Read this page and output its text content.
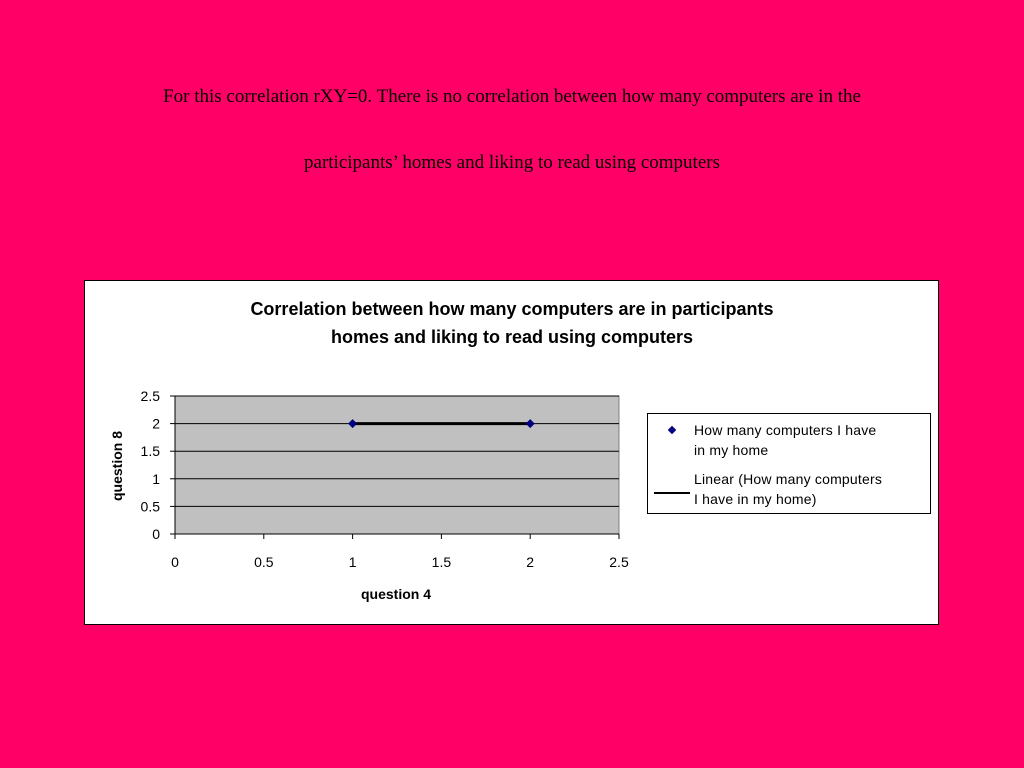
For this correlation rXY=0. There is no correlation between how many computers are in the
participants’ homes and liking to read using computers
Correlation between how many computers are in participants
homes and liking to read using computers
0	0.5	1	1.5	2	2.5
0
0.5
1
1.5
2
2.5
question 4
question 8
How many computers I have
in my home
Linear (How many computers
I have in my home)
